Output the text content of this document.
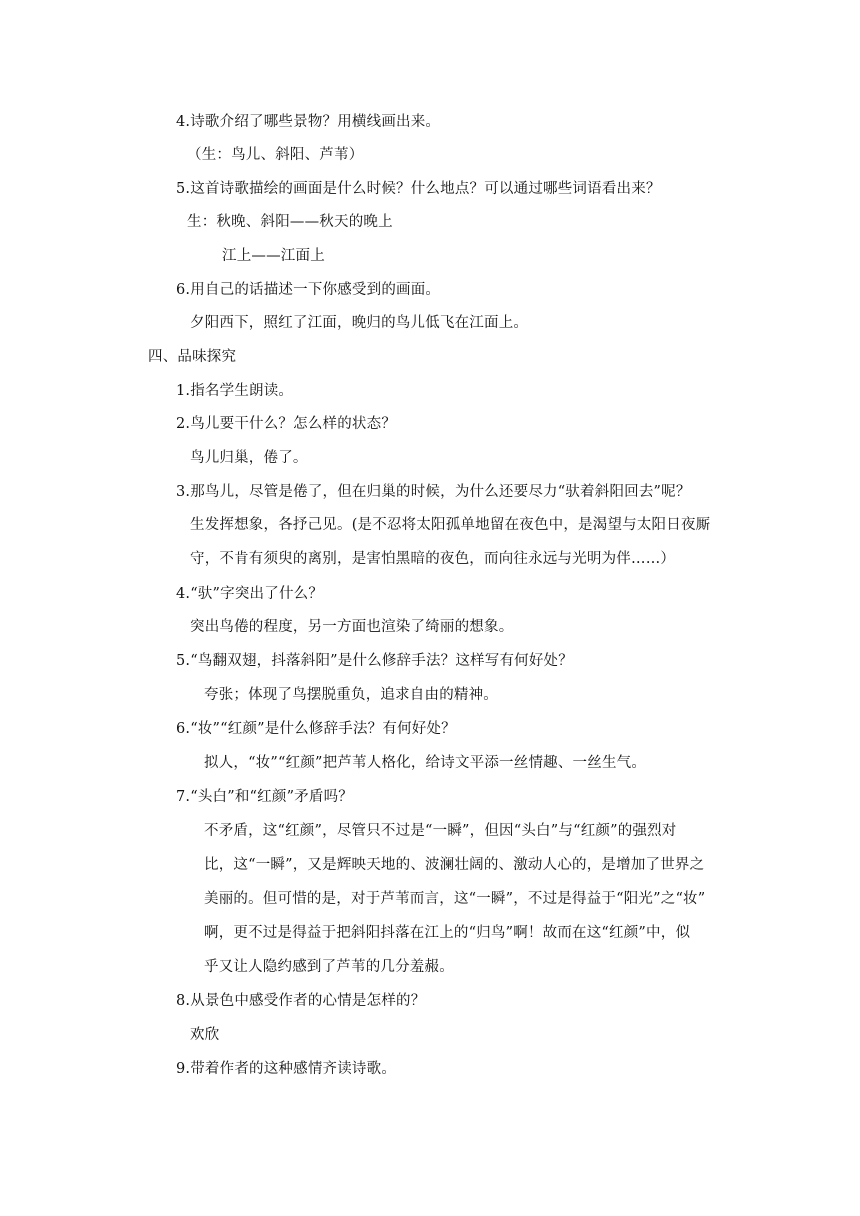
4.诗歌介绍了哪些景物？用横线画出来。
（生：鸟儿、斜阳、芦苇）
5.这首诗歌描绘的画面是什么时候？什么地点？可以通过哪些词语看出来？
生：秋晚、斜阳——秋天的晚上
江上——江面上
6.用自己的话描述一下你感受到的画面。
夕阳西下，照红了江面，晚归的鸟儿低飞在江面上。
四、品味探究
1.指名学生朗读。
2.鸟儿要干什么？怎么样的状态？
鸟儿归巢，倦了。
3.那鸟儿，尽管是倦了，但在归巢的时候，为什么还要尽力“驮着斜阳回去”呢？
生发挥想象，各抒己见。(是不忍将太阳孤单地留在夜色中，是渴望与太阳日夜厮
守，不肯有须臾的离别，是害怕黑暗的夜色，而向往永远与光明为伴……）
4.“驮”字突出了什么？
突出鸟倦的程度，另一方面也渲染了绮丽的想象。
5.“鸟翻双翅，抖落斜阳”是什么修辞手法？这样写有何好处？
夸张；体现了鸟摆脱重负，追求自由的精神。
6.“妆”“红颜”是什么修辞手法？有何好处？
拟人，“妆”“红颜”把芦苇人格化，给诗文平添一丝情趣、一丝生气。
7.“头白”和“红颜”矛盾吗？
不矛盾，这“红颜”，尽管只不过是“一瞬”，但因“头白”与“红颜”的强烈对
比，这“一瞬”，又是辉映天地的、波澜壮阔的、激动人心的，是增加了世界之
美丽的。但可惜的是，对于芦苇而言，这“一瞬”，不过是得益于“阳光”之“妆”
啊，更不过是得益于把斜阳抖落在江上的“归鸟”啊！故而在这“红颜”中，似
乎又让人隐约感到了芦苇的几分羞赧。
8.从景色中感受作者的心情是怎样的？
欢欣
9.带着作者的这种感情齐读诗歌。
